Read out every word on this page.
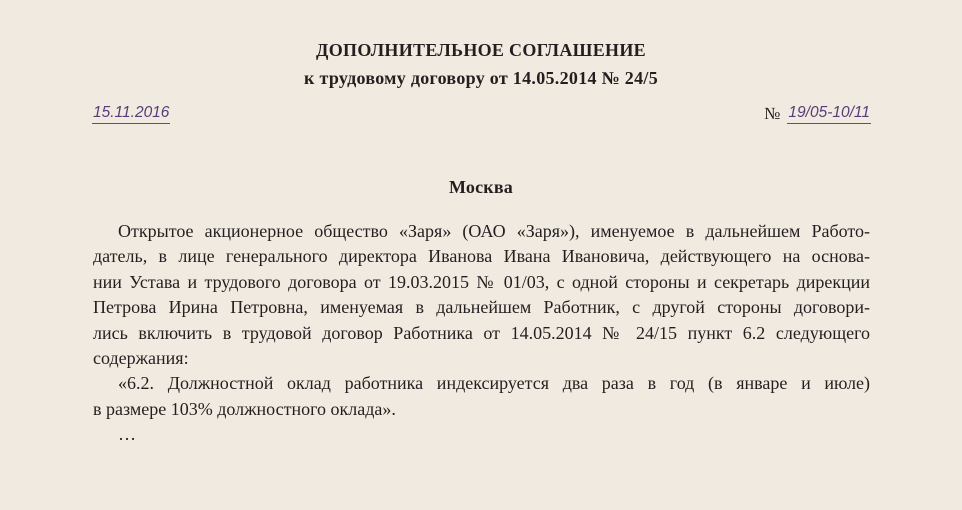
ДОПОЛНИТЕЛЬНОЕ СОГЛАШЕНИЕ
к трудовому договору от 14.05.2014 № 24/5
15.11.2016	№ 19/05-10/11
Москва
Открытое акционерное общество «Заря» (ОАО «Заря»), именуемое в дальнейшем Работо-
датель, в лице генерального директора Иванова Ивана Ивановича, действующего на основа-
нии Устава и трудового договора от 19.03.2015 № 01/03, с одной стороны и секретарь дирекции
Петрова Ирина Петровна, именуемая в дальнейшем Работник, с другой стороны договори-
лись включить в трудовой договор Работника от 14.05.2014 № 24/15 пункт 6.2 следующего
содержания:
«6.2. Должностной оклад работника индексируется два раза в год (в январе и июле)
в размере 103% должностного оклада».
…
